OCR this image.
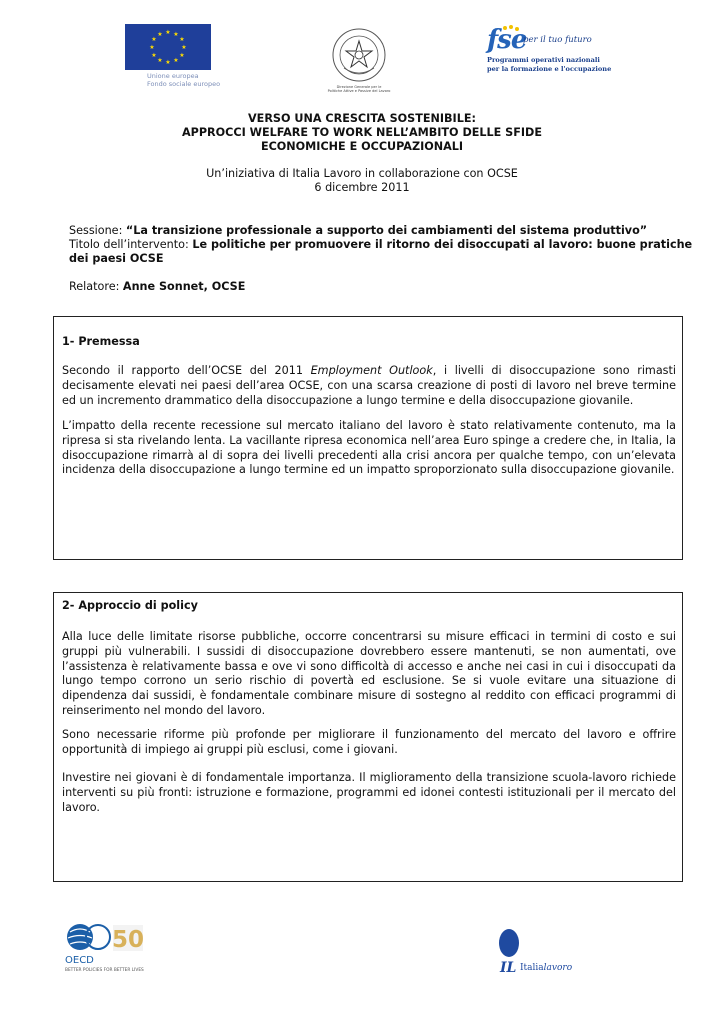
★ ★
★
★
★
★
★
★
★
★
★
★
Unione europea
Fondo sociale europeo	Direzione Generale per le
Politiche Attive e Passive del Lavoro
fse
per il tuo futuro
Programmi operativi nazionali
per la formazione e l'occupazione
VERSO UNA CRESCITA SOSTENIBILE:
APPROCCI WELFARE TO WORK NELL’AMBITO DELLE SFIDE
ECONOMICHE E OCCUPAZIONALI
Un’iniziativa di Italia Lavoro in collaborazione con OCSE
6 dicembre 2011
Sessione: “La transizione professionale a supporto dei cambiamenti del sistema produttivo”
Titolo dell’intervento: Le politiche per promuovere il ritorno dei disoccupati al lavoro: buone pratiche
dei paesi OCSE
Relatore: Anne Sonnet, OCSE
1- Premessa
Secondo il rapporto dell’OCSE del 2011 Employment Outlook, i livelli di disoccupazione sono rimasti decisamente elevati nei paesi dell’area OCSE, con una scarsa creazione di posti di lavoro nel breve termine ed un incremento drammatico della disoccupazione a lungo termine e della disoccupazione giovanile.
L’impatto della recente recessione sul mercato italiano del lavoro è stato relativamente contenuto, ma la ripresa si sta rivelando lenta. La vacillante ripresa economica nell’area Euro spinge a credere che, in Italia, la disoccupazione rimarrà al di sopra dei livelli precedenti alla crisi ancora per qualche tempo, con un’elevata incidenza della disoccupazione a lungo termine ed un impatto sproporzionato sulla disoccupazione giovanile.
2- Approccio di policy
Alla luce delle limitate risorse pubbliche, occorre concentrarsi su misure efficaci in termini di costo e sui gruppi più vulnerabili. I sussidi di disoccupazione dovrebbero essere mantenuti, se non aumentati, ove l’assistenza è relativamente bassa e ove vi sono difficoltà di accesso e anche nei casi in cui i disoccupati da lungo tempo corrono un serio rischio di povertà ed esclusione. Se si vuole evitare una situazione di dipendenza dai sussidi, è fondamentale combinare misure di sostegno al reddito con efficaci programmi di reinserimento nel mondo del lavoro.
Sono necessarie riforme più profonde per migliorare il funzionamento del mercato del lavoro e offrire opportunità di impiego ai gruppi più esclusi, come i giovani.
Investire nei giovani è di fondamentale importanza. Il miglioramento della transizione scuola-lavoro richiede interventi su più fronti: istruzione e formazione, programmi ed idonei contesti istituzionali per il mercato del lavoro.
50
OECD
BETTER POLICIES FOR BETTER LIVES	IL Italialavoro
